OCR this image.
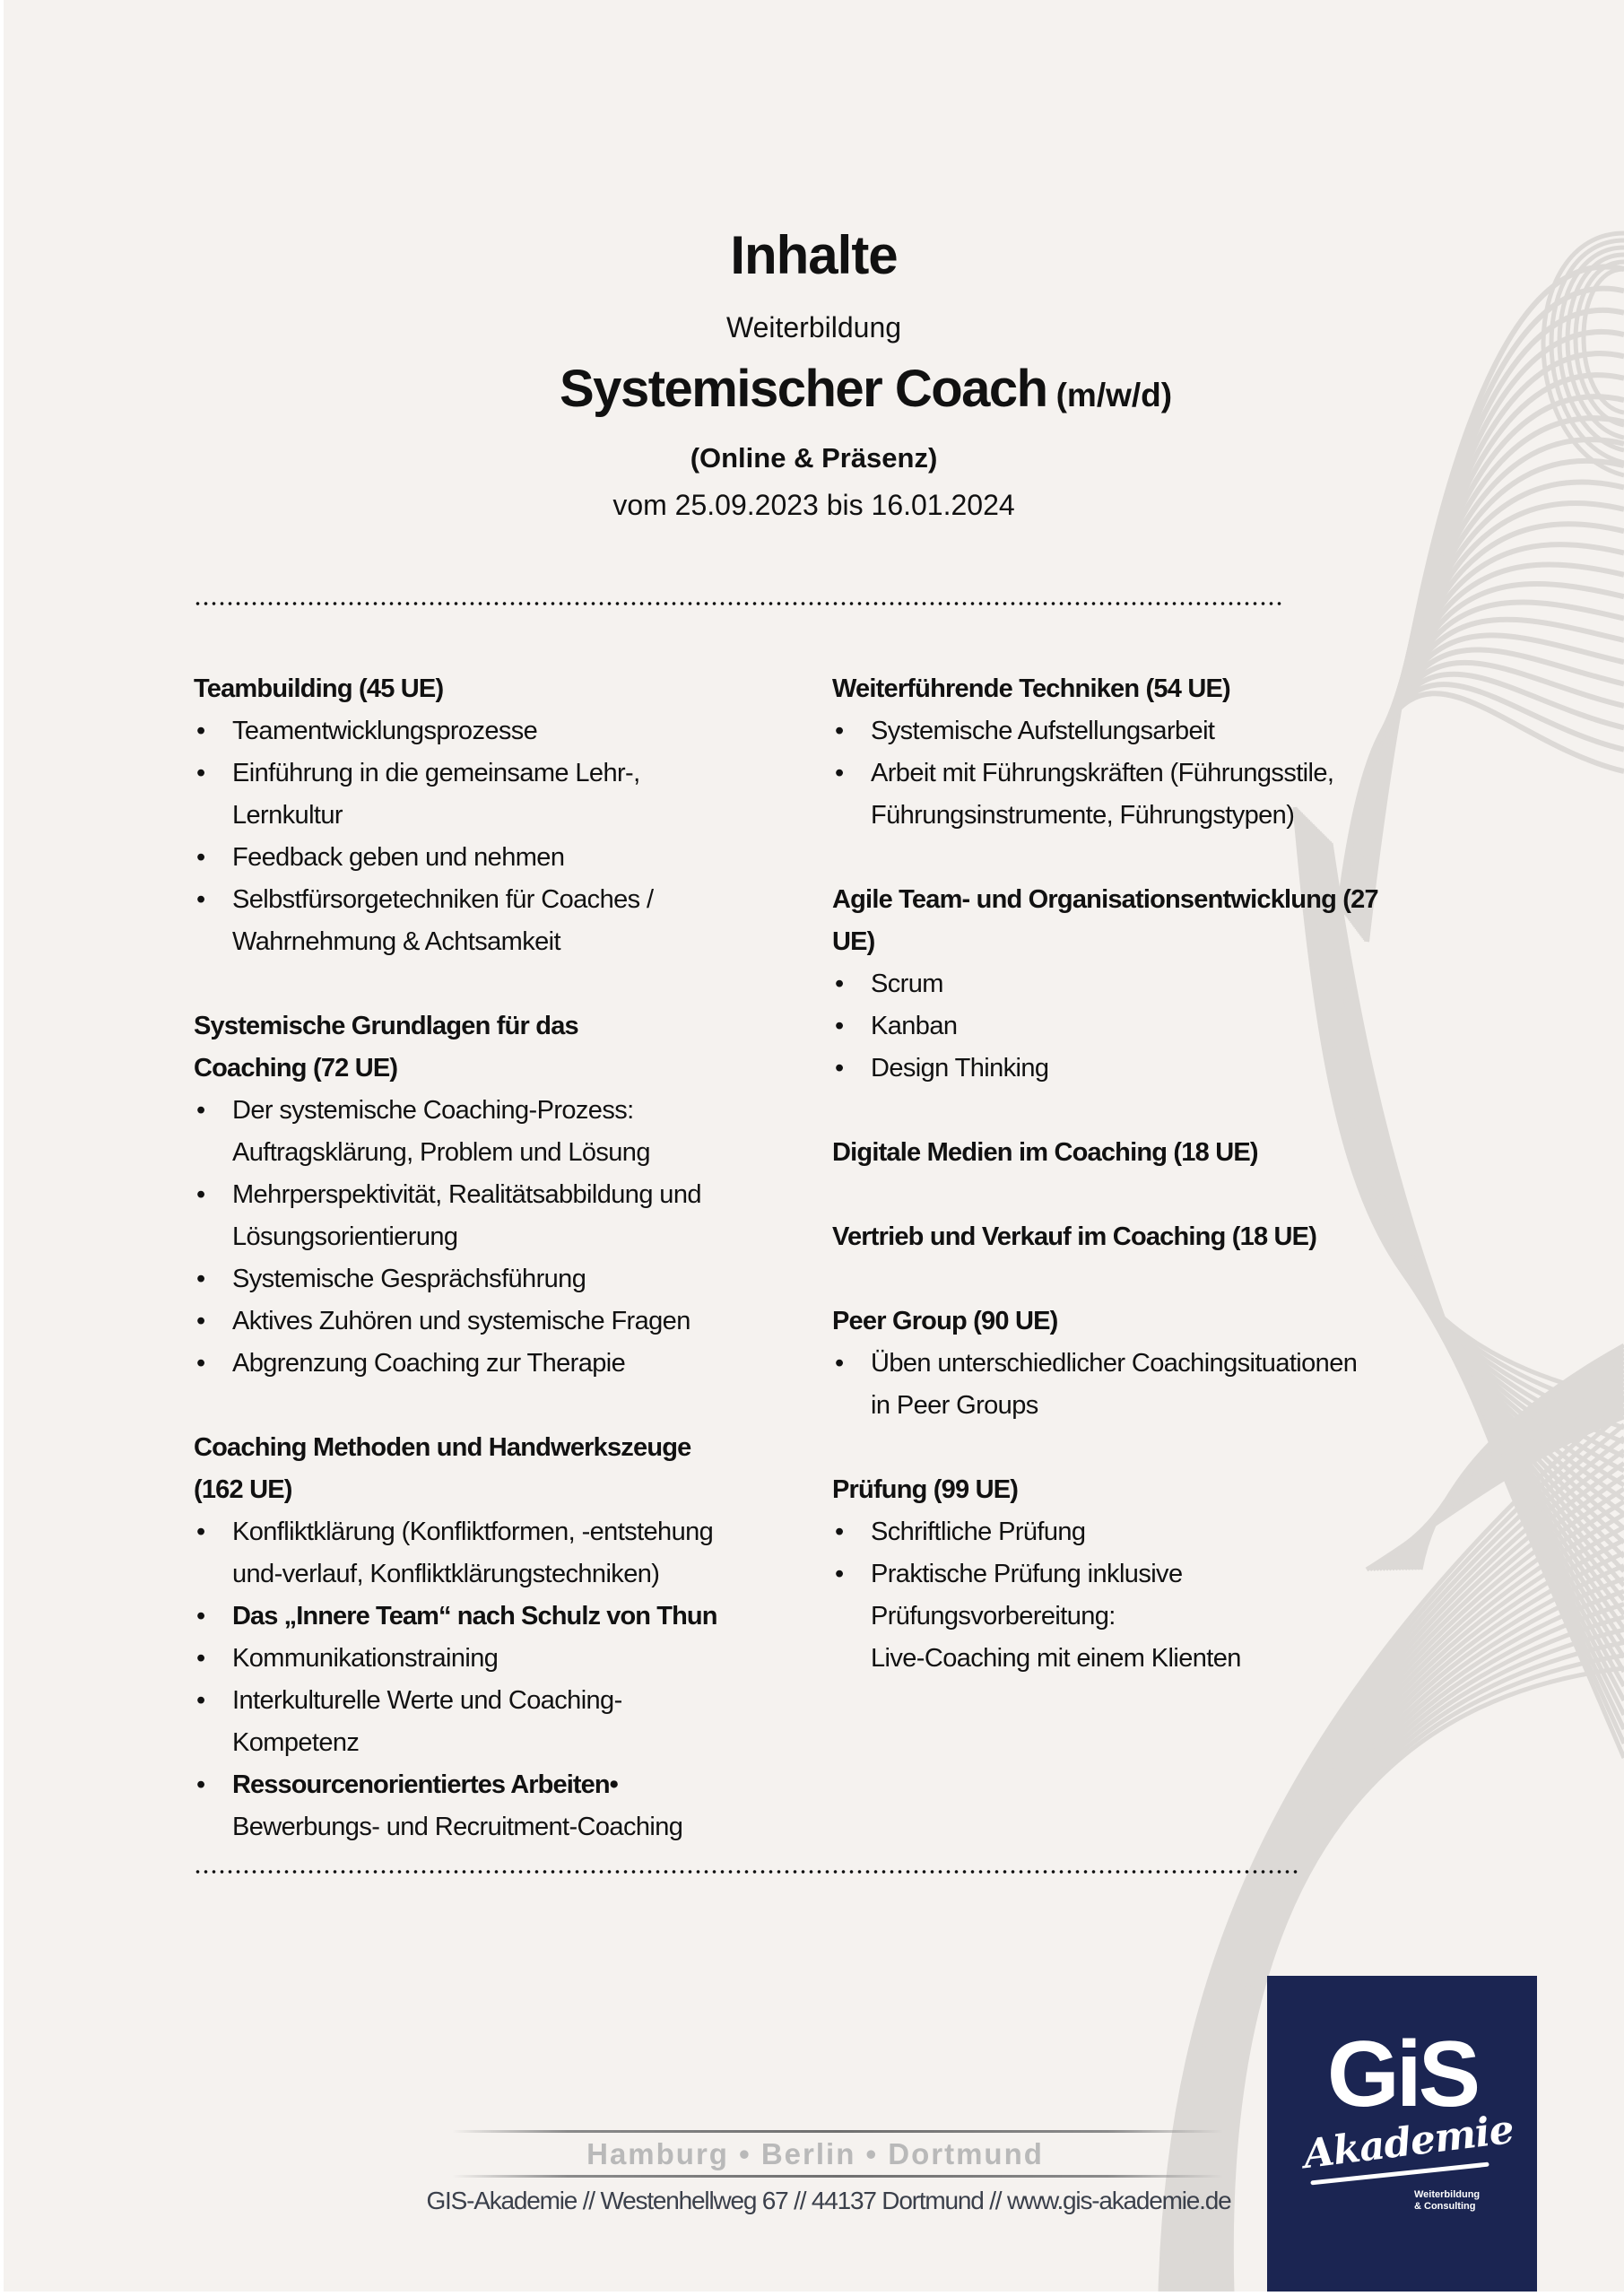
Inhalte
Weiterbildung
Systemischer Coach (m/w/d)
(Online & Präsenz)
vom 25.09.2023 bis 16.01.2024
Teambuilding (45 UE)
• Teamentwicklungsprozesse
• Einführung in die gemeinsame Lehr-,
Lernkultur
• Feedback geben und nehmen
• Selbstfürsorgetechniken für Coaches /
Wahrnehmung & Achtsamkeit
Systemische Grundlagen für das Coaching (72 UE)
• Der systemische Coaching-Prozess:
Auftragsklärung, Problem und Lösung
• Mehrperspektivität, Realitätsabbildung und
Lösungsorientierung
• Systemische Gesprächsführung
• Aktives Zuhören und systemische Fragen
• Abgrenzung Coaching zur Therapie
Coaching Methoden und Handwerkszeuge (162 UE)
• Konfliktklärung (Konfliktformen, -entstehung
und-verlauf, Konfliktklärungstechniken)
• Das „Innere Team“ nach Schulz von Thun
• Kommunikationstraining
• Interkulturelle Werte und Coaching-
Kompetenz
• Ressourcenorientiertes Arbeiten•
Bewerbungs- und Recruitment-Coaching
Weiterführende Techniken (54 UE)
• Systemische Aufstellungsarbeit
• Arbeit mit Führungskräften (Führungsstile,
Führungsinstrumente, Führungstypen)
Agile Team- und Organisationsentwicklung (27 UE)
• Scrum
• Kanban
• Design Thinking
Digitale Medien im Coaching (18 UE)
Vertrieb und Verkauf im Coaching (18 UE)
Peer Group (90 UE)
• Üben unterschiedlicher Coachingsituationen
in Peer Groups
Prüfung (99 UE)
• Schriftliche Prüfung
• Praktische Prüfung inklusive
Prüfungsvorbereitung:
Live-Coaching mit einem Klienten
Hamburg • Berlin • Dortmund
GIS-Akademie // Westenhellweg 67 // 44137 Dortmund // www.gis-akademie.de
GiS
Akademie
Weiterbildung
& Consulting
